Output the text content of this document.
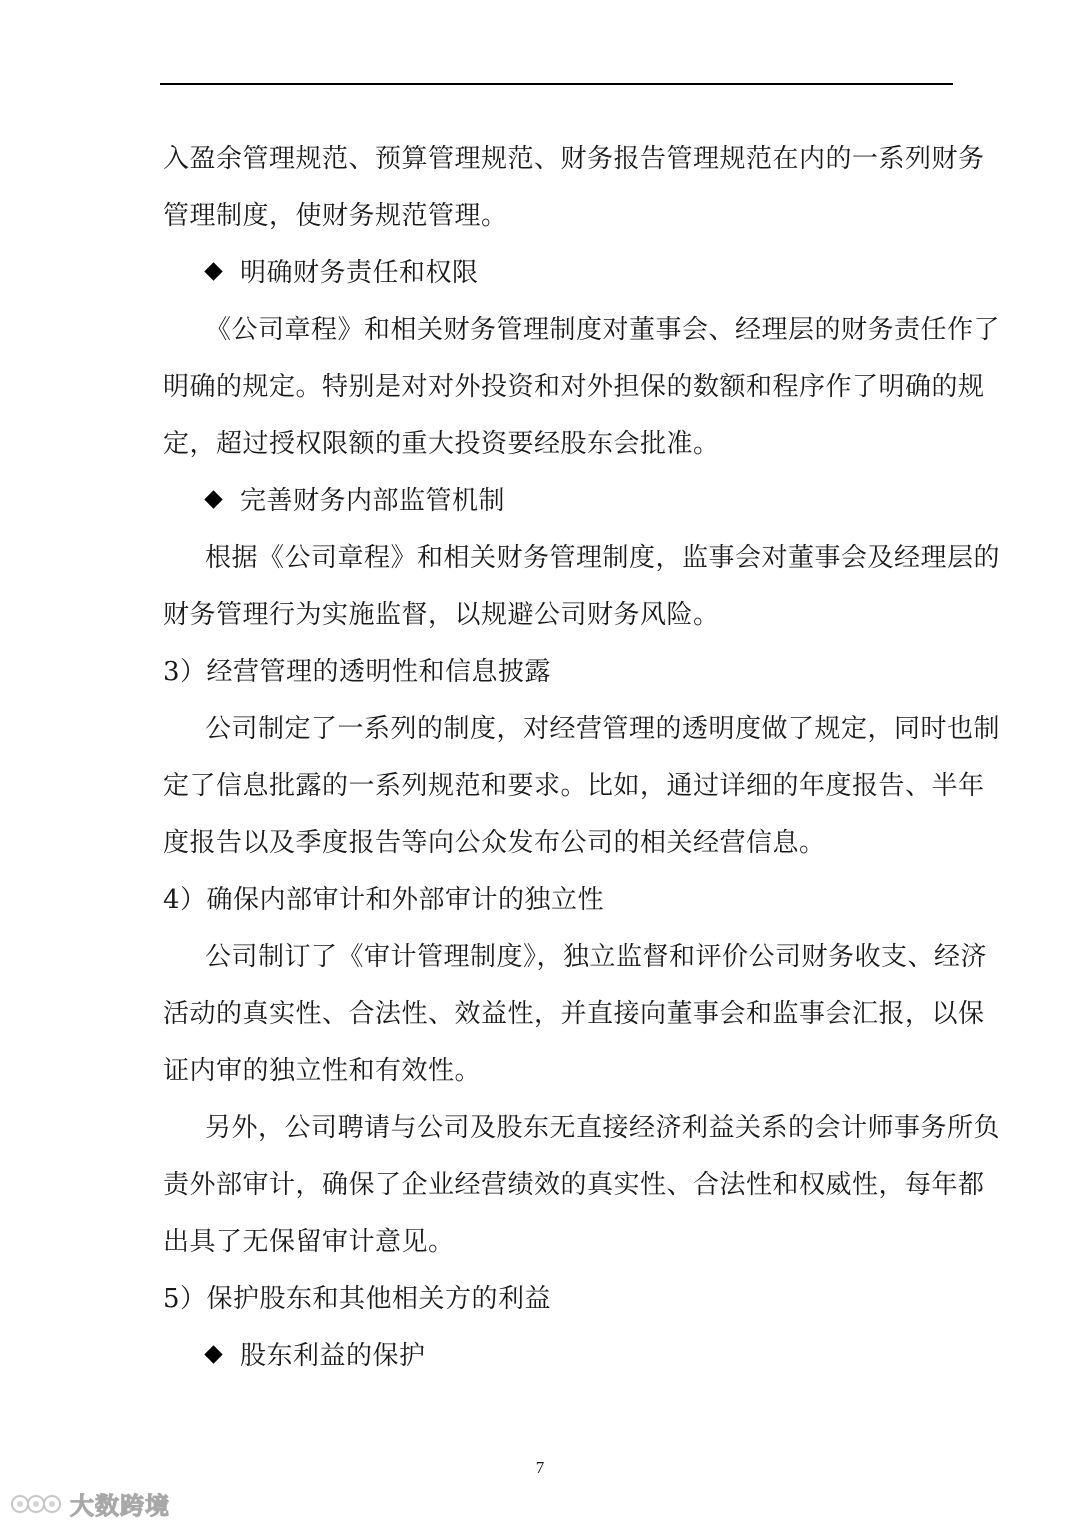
入盈余管理规范、预算管理规范、财务报告管理规范在内的一系列财务
管理制度，使财务规范管理。
明确财务责任和权限
《公司章程》和相关财务管理制度对董事会、经理层的财务责任作了
明确的规定。特别是对对外投资和对外担保的数额和程序作了明确的规
定，超过授权限额的重大投资要经股东会批准。
完善财务内部监管机制
根据《公司章程》和相关财务管理制度，监事会对董事会及经理层的
财务管理行为实施监督，以规避公司财务风险。
3）经营管理的透明性和信息披露
公司制定了一系列的制度，对经营管理的透明度做了规定，同时也制
定了信息批露的一系列规范和要求。比如，通过详细的年度报告、半年
度报告以及季度报告等向公众发布公司的相关经营信息。
4）确保内部审计和外部审计的独立性
公司制订了《审计管理制度》，独立监督和评价公司财务收支、经济
活动的真实性、合法性、效益性，并直接向董事会和监事会汇报，以保
证内审的独立性和有效性。
另外，公司聘请与公司及股东无直接经济利益关系的会计师事务所负
责外部审计，确保了企业经营绩效的真实性、合法性和权威性，每年都
出具了无保留审计意见。
5）保护股东和其他相关方的利益
股东利益的保护
7
大数跨境
